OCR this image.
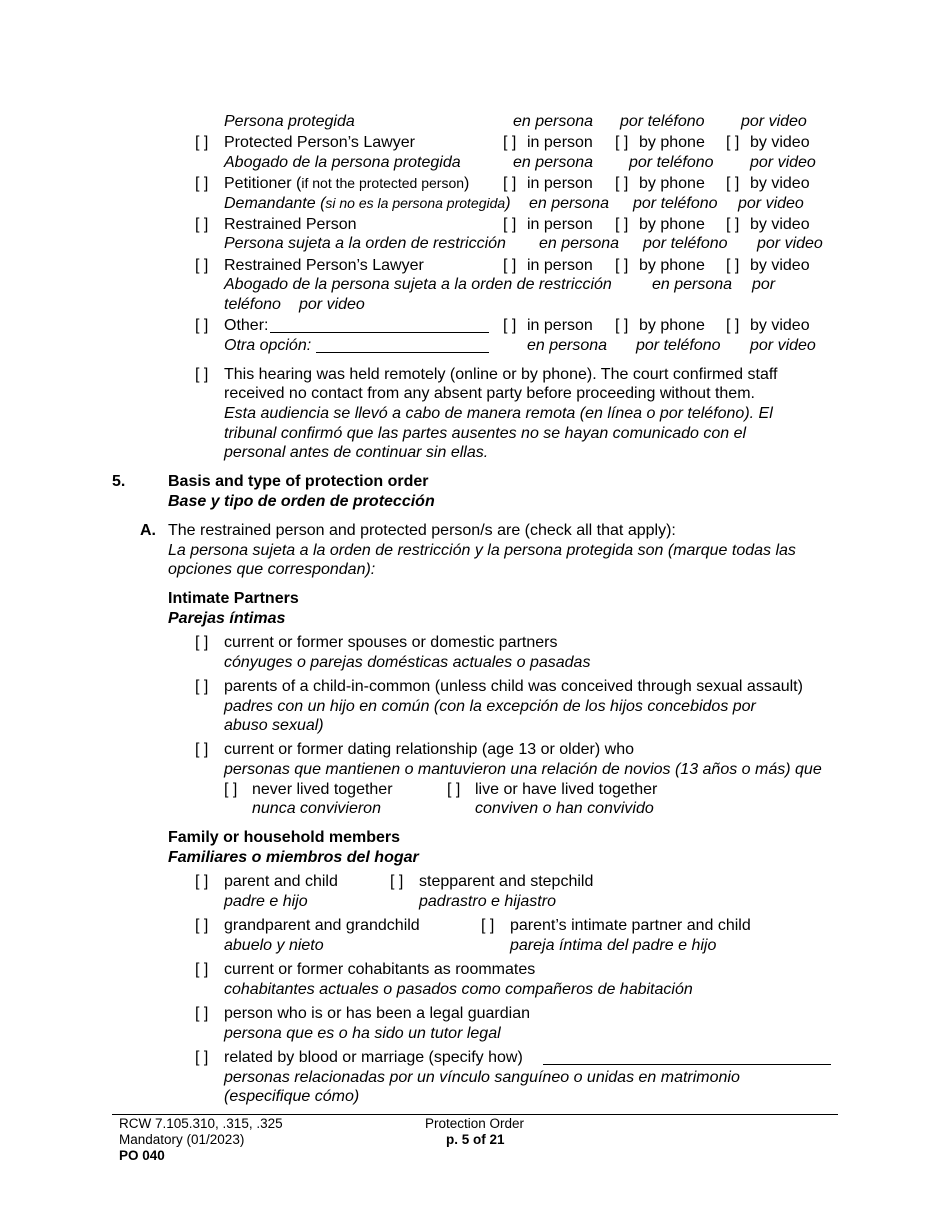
Persona protegida	en persona por teléfono por video
[ ] Protected Person’s Lawyer	[ ] in person [ ] by phone [ ] by video
Abogado de la persona protegida	en persona por teléfono por video
[ ] Petitioner (if not the protected person) [ ] in person [ ] by phone [ ] by video
Demandante (si no es la persona protegida) en persona por teléfono por video
[ ] Restrained Person	[ ] in person [ ] by phone [ ] by video
Persona sujeta a la orden de restricción en persona por teléfono por video
[ ] Restrained Person’s Lawyer	[ ] in person [ ] by phone [ ] by video
Abogado de la persona sujeta a la orden de restricción	en persona por
teléfono por video
[ ] Other:	[ ] in person [ ] by phone [ ] by video
Otra opción:	en persona por teléfono por video
[ ] This hearing was held remotely (online or by phone). The court confirmed staff
received no contact from any absent party before proceeding without them.
Esta audiencia se llevó a cabo de manera remota (en línea o por teléfono). El
tribunal confirmó que las partes ausentes no se hayan comunicado con el
personal antes de continuar sin ellas.
5.	Basis and type of protection order
Base y tipo de orden de protección
A. The restrained person and protected person/s are (check all that apply):
La persona sujeta a la orden de restricción y la persona protegida son (marque todas las
opciones que correspondan):
Intimate Partners
Parejas íntimas
[ ] current or former spouses or domestic partners
cónyuges o parejas domésticas actuales o pasadas
[ ] parents of a child-in-common (unless child was conceived through sexual assault)
padres con un hijo en común (con la excepción de los hijos concebidos por
abuso sexual)
[ ] current or former dating relationship (age 13 or older) who
personas que mantienen o mantuvieron una relación de novios (13 años o más) que
[ ] never lived together
nunca convivieron
[ ] live or have lived together
conviven o han convivido
Family or household members
Familiares o miembros del hogar
[ ] parent and child
padre e hijo
[ ] stepparent and stepchild
padrastro e hijastro
[ ] grandparent and grandchild
abuelo y nieto
[ ] parent’s intimate partner and child
pareja íntima del padre e hijo
[ ] current or former cohabitants as roommates
cohabitantes actuales o pasados como compañeros de habitación
[ ] person who is or has been a legal guardian
persona que es o ha sido un tutor legal
[ ] related by blood or marriage (specify how)
personas relacionadas por un vínculo sanguíneo o unidas en matrimonio
(especifique cómo)
RCW 7.105.310, .315, .325
Mandatory (01/2023)
PO 040
Protection Order
p. 5 of 21
